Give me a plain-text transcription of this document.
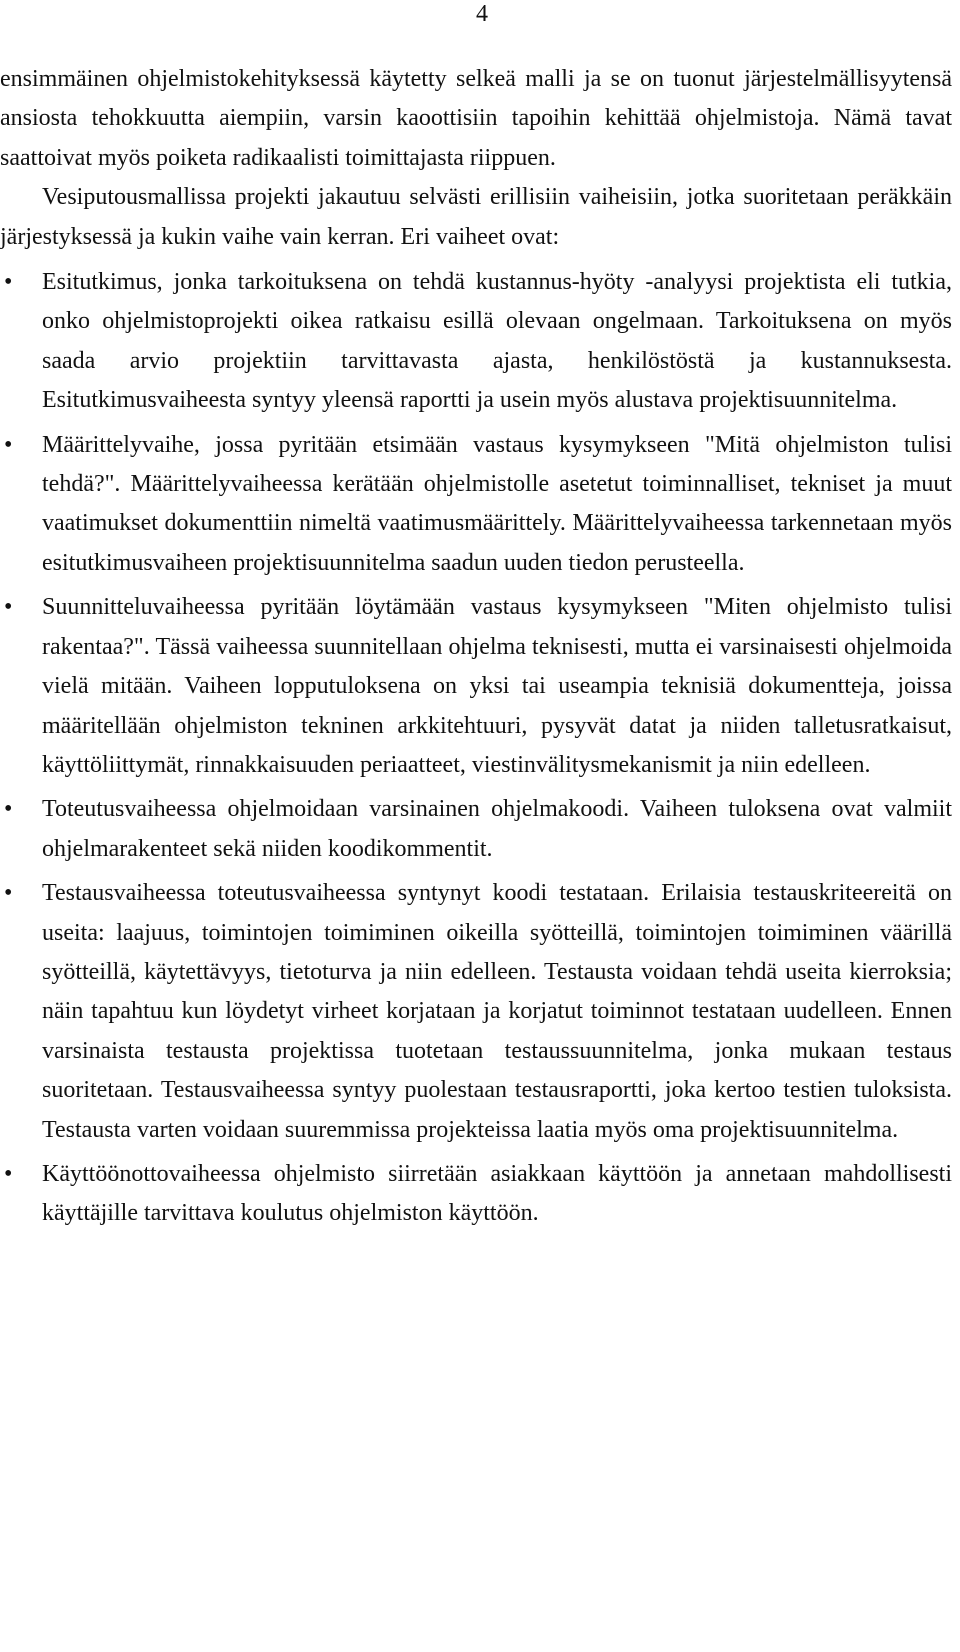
4

ensimmäinen ohjelmistokehityksessä käytetty selkeä malli ja se on tuonut järjestelmällisyytensä ansiosta tehokkuutta aiempiin, varsin kaoottisiin tapoihin kehittää ohjelmistoja. Nämä tavat saattoivat myös poiketa radikaalisti toimittajasta riippuen.

Vesiputousmallissa projekti jakautuu selvästi erillisiin vaiheisiin, jotka suoritetaan peräkkäin järjestyksessä ja kukin vaihe vain kerran. Eri vaiheet ovat:

• Esitutkimus, jonka tarkoituksena on tehdä kustannus-hyöty -analyysi projektista eli tutkia, onko ohjelmistoprojekti oikea ratkaisu esillä olevaan ongelmaan. Tarkoituksena on myös saada arvio projektiin tarvittavasta ajasta, henkilöstöstä ja kustannuksesta. Esitutkimusvaiheesta syntyy yleensä raportti ja usein myös alustava projektisuunnitelma.
• Määrittelyvaihe, jossa pyritään etsimään vastaus kysymykseen "Mitä ohjelmiston tulisi tehdä?". Määrittelyvaiheessa kerätään ohjelmistolle asetetut toiminnalliset, tekniset ja muut vaatimukset dokumenttiin nimeltä vaatimusmäärittely. Määrittelyvaiheessa tarkennetaan myös esitutkimusvaiheen projektisuunnitelma saadun uuden tiedon perusteella.
• Suunnitteluvaiheessa pyritään löytämään vastaus kysymykseen "Miten ohjelmisto tulisi rakentaa?". Tässä vaiheessa suunnitellaan ohjelma teknisesti, mutta ei varsinaisesti ohjelmoida vielä mitään. Vaiheen lopputuloksena on yksi tai useampia teknisiä dokumentteja, joissa määritellään ohjelmiston tekninen arkkitehtuuri, pysyvät datat ja niiden talletusratkaisut, käyttöliittymät, rinnakkaisuuden periaatteet, viestinvälitysmekanismit ja niin edelleen.
• Toteutusvaiheessa ohjelmoidaan varsinainen ohjelmakoodi. Vaiheen tuloksena ovat valmiit ohjelmarakenteet sekä niiden koodikommentit.
• Testausvaiheessa toteutusvaiheessa syntynyt koodi testataan. Erilaisia testauskriteereitä on useita: laajuus, toimintojen toimiminen oikeilla syötteillä, toimintojen toimiminen väärillä syötteillä, käytettävyys, tietoturva ja niin edelleen. Testausta voidaan tehdä useita kierroksia; näin tapahtuu kun löydetyt virheet korjataan ja korjatut toiminnot testataan uudelleen. Ennen varsinaista testausta projektissa tuotetaan testaussuunnitelma, jonka mukaan testaus suoritetaan. Testausvaiheessa syntyy puolestaan testausraportti, joka kertoo testien tuloksista. Testausta varten voidaan suuremmissa projekteissa laatia myös oma projektisuunnitelma.
• Käyttöönottovaiheessa ohjelmisto siirretään asiakkaan käyttöön ja annetaan mahdollisesti käyttäjille tarvittava koulutus ohjelmiston käyttöön.
